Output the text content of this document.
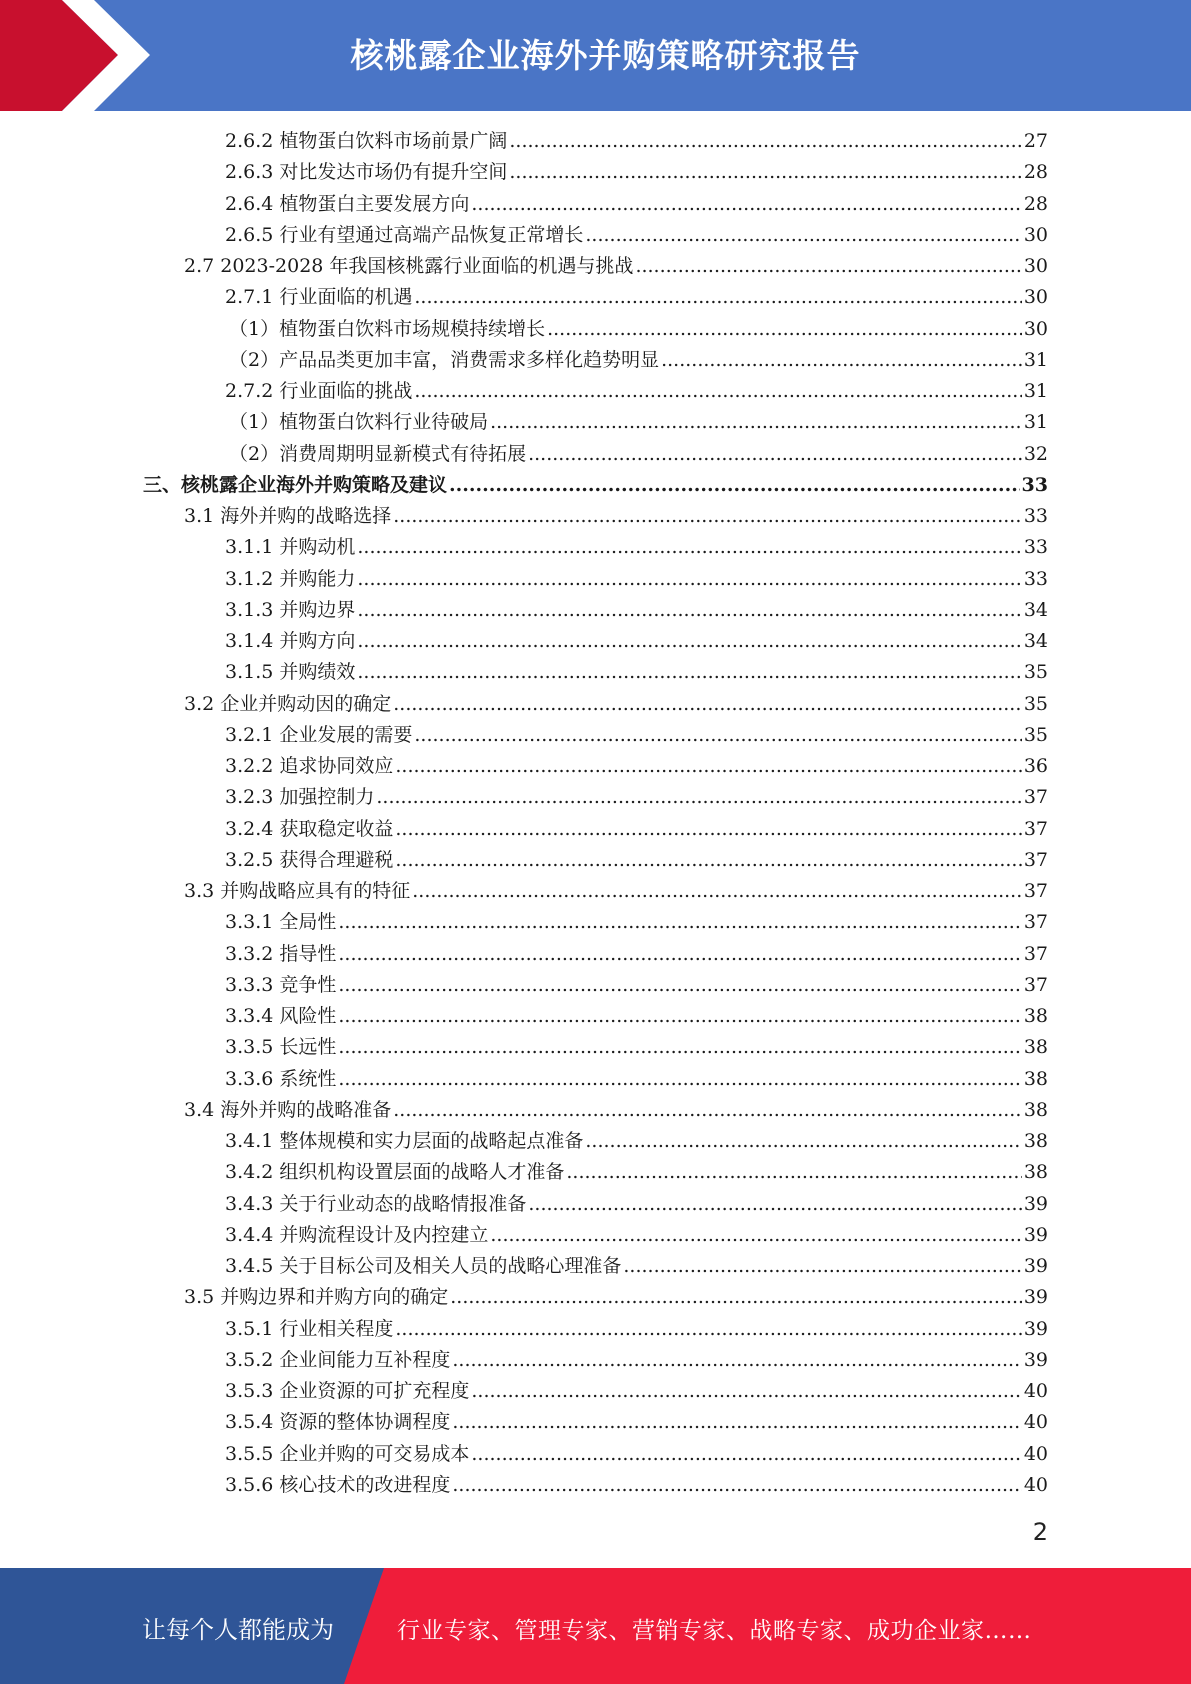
核桃露企业海外并购策略研究报告
2.6.2 植物蛋白饮料市场前景广阔 .....	27
2.6.3 对比发达市场仍有提升空间 .....	28
2.6.4 植物蛋白主要发展方向 .....	28
2.6.5 行业有望通过高端产品恢复正常增长 .....	30
2.7 2023-2028 年我国核桃露行业面临的机遇与挑战 .....	30
2.7.1 行业面临的机遇 .....	30
（1）植物蛋白饮料市场规模持续增长 .....	30
（2）产品品类更加丰富，消费需求多样化趋势明显 .....	31
2.7.2 行业面临的挑战 .....	31
（1）植物蛋白饮料行业待破局 .....	31
（2）消费周期明显新模式有待拓展 .....	32
三、核桃露企业海外并购策略及建议 .....	33
3.1 海外并购的战略选择 .....	33
3.1.1 并购动机 .....	33
3.1.2 并购能力 .....	33
3.1.3 并购边界 .....	34
3.1.4 并购方向 .....	34
3.1.5 并购绩效 .....	35
3.2 企业并购动因的确定 .....	35
3.2.1 企业发展的需要 .....	35
3.2.2 追求协同效应 .....	36
3.2.3 加强控制力 .....	37
3.2.4 获取稳定收益 .....	37
3.2.5 获得合理避税 .....	37
3.3 并购战略应具有的特征 .....	37
3.3.1 全局性 .....	37
3.3.2 指导性 .....	37
3.3.3 竞争性 .....	37
3.3.4 风险性 .....	38
3.3.5 长远性 .....	38
3.3.6 系统性 .....	38
3.4 海外并购的战略准备 .....	38
3.4.1 整体规模和实力层面的战略起点准备 .....	38
3.4.2 组织机构设置层面的战略人才准备 .....	38
3.4.3 关于行业动态的战略情报准备 .....	39
3.4.4 并购流程设计及内控建立 .....	39
3.4.5 关于目标公司及相关人员的战略心理准备 .....	39
3.5 并购边界和并购方向的确定 .....	39
3.5.1 行业相关程度 .....	39
3.5.2 企业间能力互补程度 .....	39
3.5.3 企业资源的可扩充程度 .....	40
3.5.4 资源的整体协调程度 .....	40
3.5.5 企业并购的可交易成本 .....	40
3.5.6 核心技术的改进程度 .....	40
2
让每个人都能成为	行业专家、管理专家、营销专家、战略专家、成功企业家……
